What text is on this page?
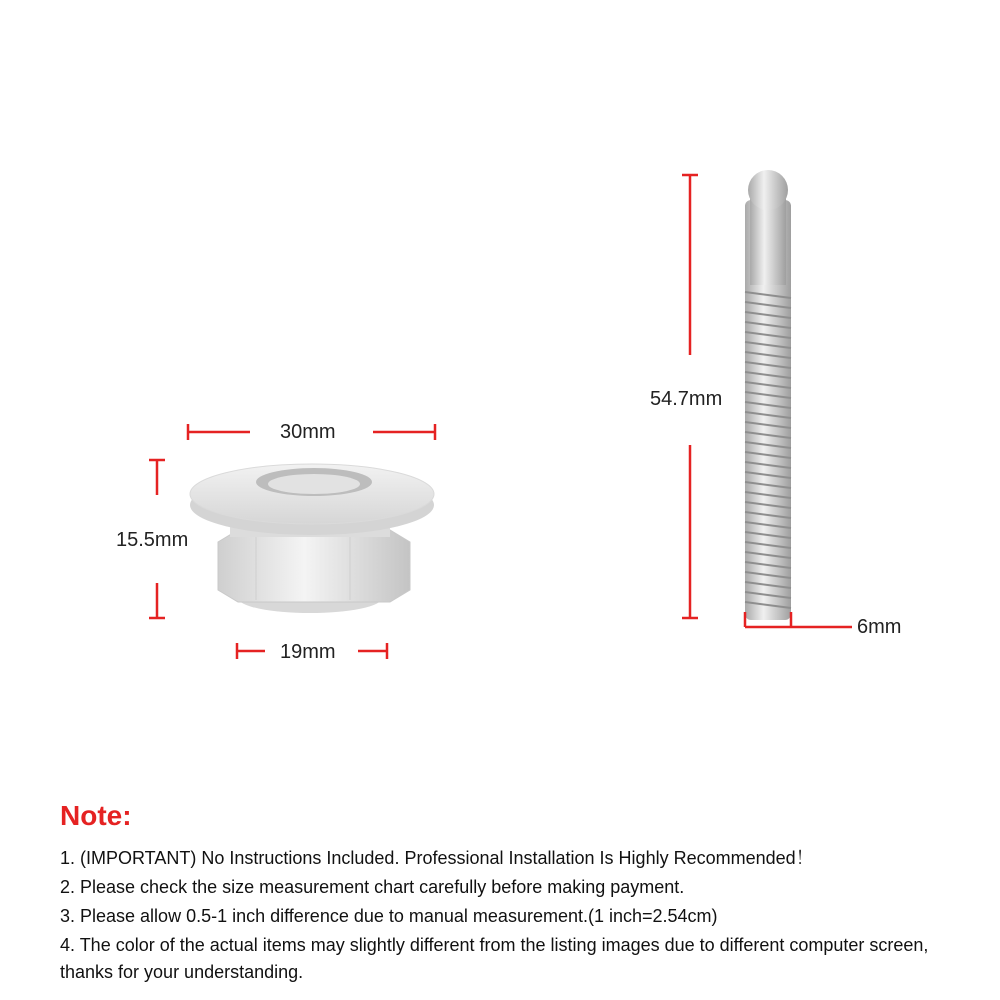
30mm
15.5mm
19mm
54.7mm
6mm
Note:
1. (IMPORTANT) No Instructions Included. Professional Installation Is Highly Recommended！
2. Please check the size measurement chart carefully before making payment.
3. Please allow 0.5-1 inch difference due to manual measurement.(1 inch=2.54cm)
4. The color of the actual items may slightly different from the listing images due to different computer screen, thanks for your understanding.
